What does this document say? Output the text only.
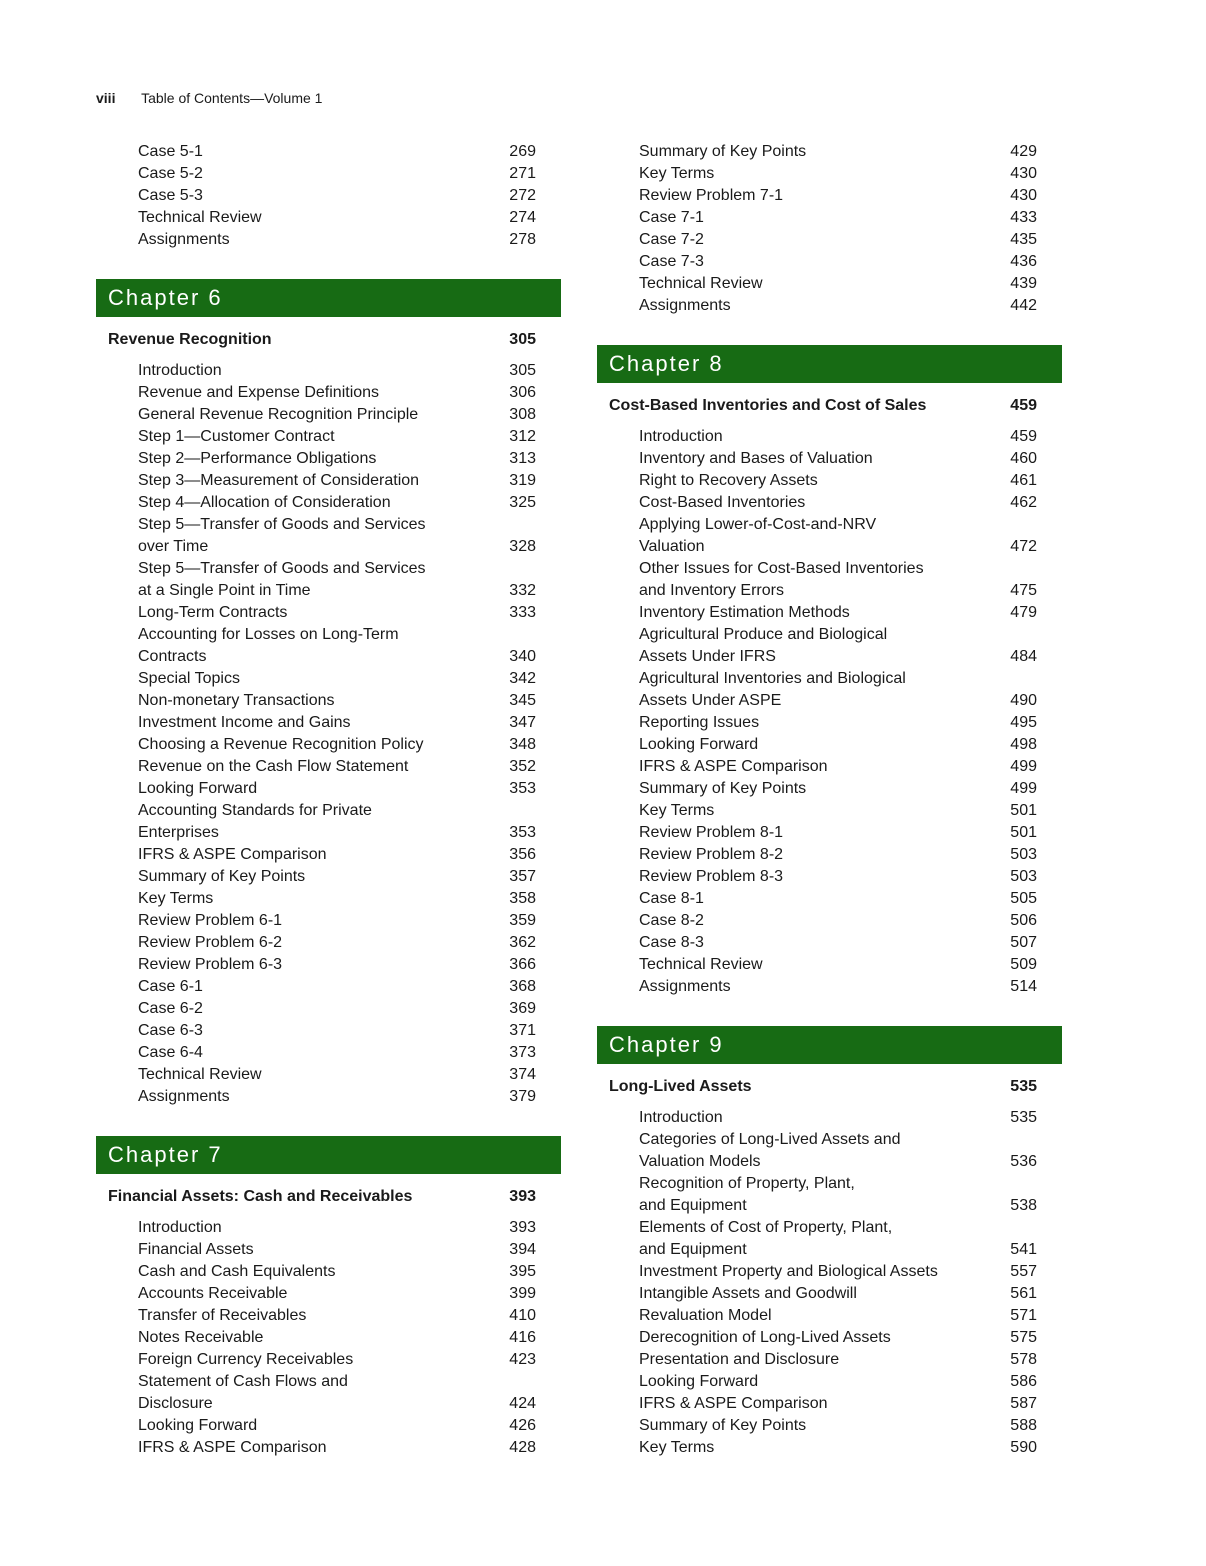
viii Table of Contents—Volume 1
Case 5-1	269
Case 5-2	271
Case 5-3	272
Technical Review	274
Assignments	278
Chapter 6
Revenue Recognition	305
Introduction	305
Revenue and Expense Definitions	306
General Revenue Recognition Principle	308
Step 1—Customer Contract	312
Step 2—Performance Obligations	313
Step 3—Measurement of Consideration	319
Step 4—Allocation of Consideration	325
Step 5—Transfer of Goods and Services
over Time	328
Step 5—Transfer of Goods and Services
at a Single Point in Time	332
Long-Term Contracts	333
Accounting for Losses on Long-Term
Contracts	340
Special Topics	342
Non-monetary Transactions	345
Investment Income and Gains	347
Choosing a Revenue Recognition Policy	348
Revenue on the Cash Flow Statement	352
Looking Forward	353
Accounting Standards for Private
Enterprises	353
IFRS & ASPE Comparison	356
Summary of Key Points	357
Key Terms	358
Review Problem 6-1	359
Review Problem 6-2	362
Review Problem 6-3	366
Case 6-1	368
Case 6-2	369
Case 6-3	371
Case 6-4	373
Technical Review	374
Assignments	379
Chapter 7
Financial Assets: Cash and Receivables	393
Introduction	393
Financial Assets	394
Cash and Cash Equivalents	395
Accounts Receivable	399
Transfer of Receivables	410
Notes Receivable	416
Foreign Currency Receivables	423
Statement of Cash Flows and
Disclosure	424
Looking Forward	426
IFRS & ASPE Comparison	428
Summary of Key Points	429
Key Terms	430
Review Problem 7-1	430
Case 7-1	433
Case 7-2	435
Case 7-3	436
Technical Review	439
Assignments	442
Chapter 8
Cost-Based Inventories and Cost of Sales	459
Introduction	459
Inventory and Bases of Valuation	460
Right to Recovery Assets	461
Cost-Based Inventories	462
Applying Lower-of-Cost-and-NRV
Valuation	472
Other Issues for Cost-Based Inventories
and Inventory Errors	475
Inventory Estimation Methods	479
Agricultural Produce and Biological
Assets Under IFRS	484
Agricultural Inventories and Biological
Assets Under ASPE	490
Reporting Issues	495
Looking Forward	498
IFRS & ASPE Comparison	499
Summary of Key Points	499
Key Terms	501
Review Problem 8-1	501
Review Problem 8-2	503
Review Problem 8-3	503
Case 8-1	505
Case 8-2	506
Case 8-3	507
Technical Review	509
Assignments	514
Chapter 9
Long-Lived Assets	535
Introduction	535
Categories of Long-Lived Assets and
Valuation Models	536
Recognition of Property, Plant,
and Equipment	538
Elements of Cost of Property, Plant,
and Equipment	541
Investment Property and Biological Assets	557
Intangible Assets and Goodwill	561
Revaluation Model	571
Derecognition of Long-Lived Assets	575
Presentation and Disclosure	578
Looking Forward	586
IFRS & ASPE Comparison	587
Summary of Key Points	588
Key Terms	590
